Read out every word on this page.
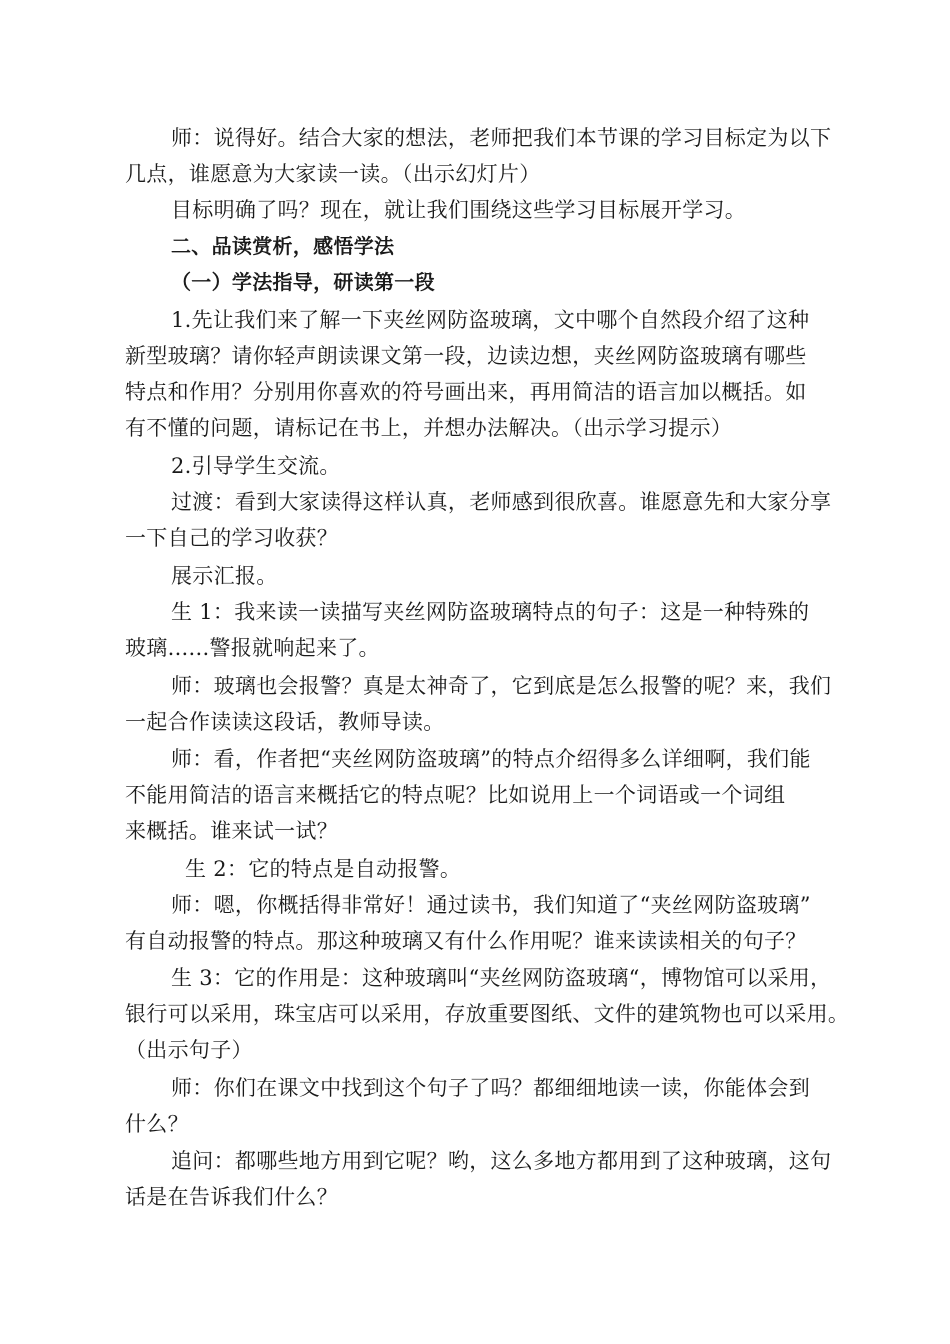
师：说得好。结合大家的想法，老师把我们本节课的学习目标定为以下
几点，谁愿意为大家读一读。（出示幻灯片）

目标明确了吗？现在，就让我们围绕这些学习目标展开学习。

二、品读赏析，感悟学法

（一）学法指导，研读第一段

1.先让我们来了解一下夹丝网防盗玻璃，文中哪个自然段介绍了这种
新型玻璃？请你轻声朗读课文第一段，边读边想，夹丝网防盗玻璃有哪些
特点和作用？分别用你喜欢的符号画出来，再用简洁的语言加以概括。如
有不懂的问题，请标记在书上，并想办法解决。（出示学习提示）

2.引导学生交流。

过渡：看到大家读得这样认真，老师感到很欣喜。谁愿意先和大家分享
一下自己的学习收获？

展示汇报。

生 1：我来读一读描写夹丝网防盗玻璃特点的句子：这是一种特殊的
玻璃......警报就响起来了。

师：玻璃也会报警？真是太神奇了，它到底是怎么报警的呢？来，我们
一起合作读读这段话，教师导读。

师：看，作者把“夹丝网防盗玻璃”的特点介绍得多么详细啊，我们能
不能用简洁的语言来概括它的特点呢？比如说用上一个词语或一个词组
来概括。谁来试一试？

生 2：它的特点是自动报警。

师：嗯，你概括得非常好！通过读书，我们知道了“夹丝网防盗玻璃”
有自动报警的特点。那这种玻璃又有什么作用呢？谁来读读相关的句子？

生 3：它的作用是：这种玻璃叫“夹丝网防盗玻璃“，博物馆可以采用，
银行可以采用，珠宝店可以采用，存放重要图纸、文件的建筑物也可以采用。
（出示句子）

师：你们在课文中找到这个句子了吗？都细细地读一读，你能体会到
什么？

追问：都哪些地方用到它呢？哟，这么多地方都用到了这种玻璃，这句
话是在告诉我们什么？
